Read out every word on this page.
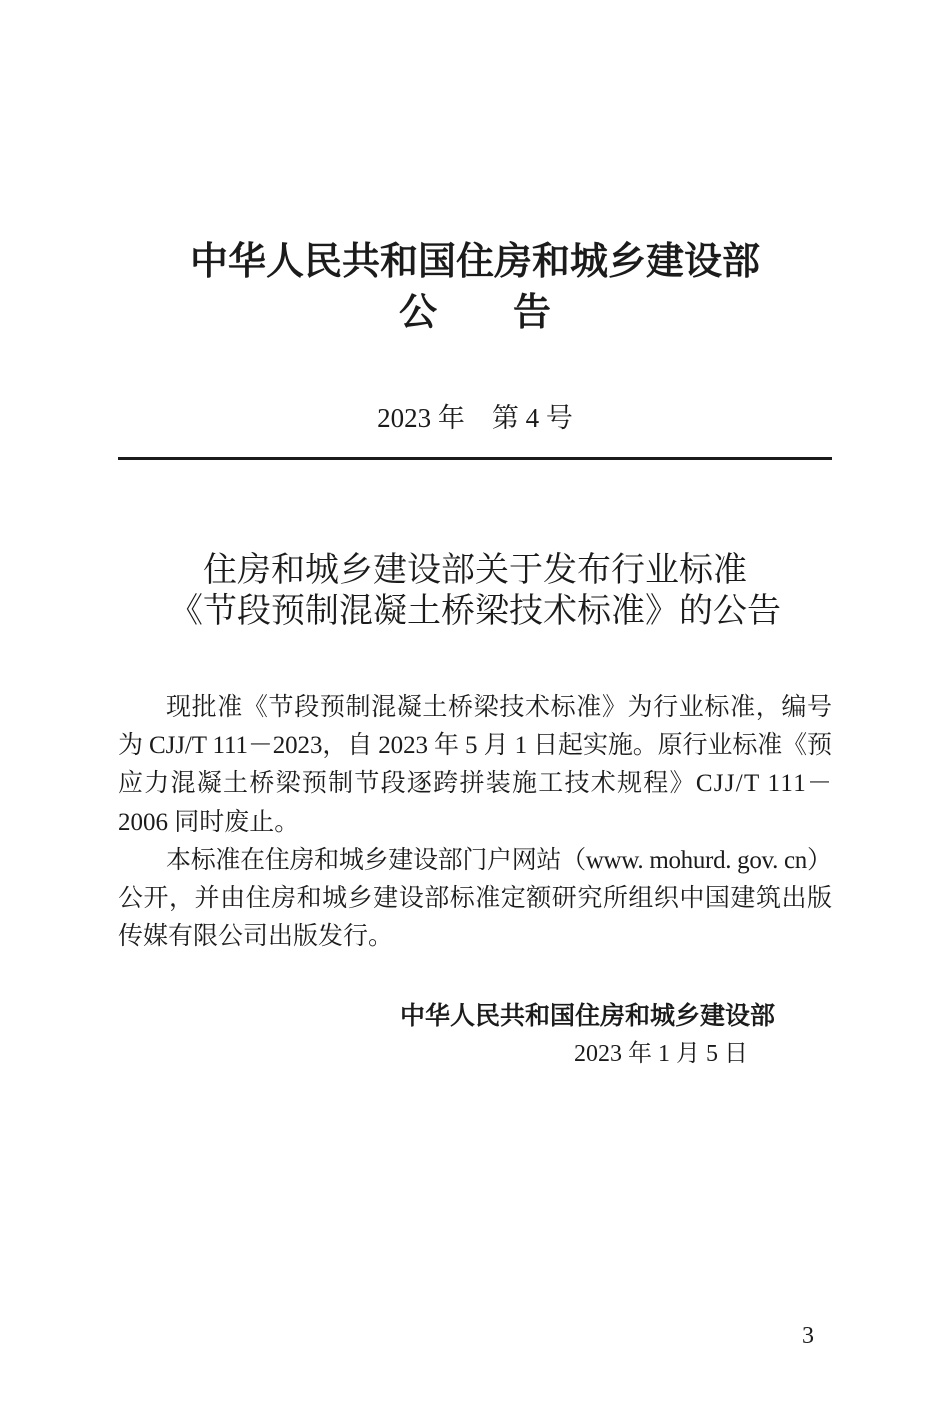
中华人民共和国住房和城乡建设部
公　　告
2023 年　第 4 号
住房和城乡建设部关于发布行业标准
《节段预制混凝土桥梁技术标准》的公告
现批准《节段预制混凝土桥梁技术标准》为行业标准，编号
为 CJJ/T 111－2023，自 2023 年 5 月 1 日起实施。原行业标准《预
应力混凝土桥梁预制节段逐跨拼装施工技术规程》CJJ/T 111－
2006 同时废止。
本标准在住房和城乡建设部门户网站（www. mohurd. gov. cn）
公开，并由住房和城乡建设部标准定额研究所组织中国建筑出版
传媒有限公司出版发行。
中华人民共和国住房和城乡建设部
2023 年 1 月 5 日
3
